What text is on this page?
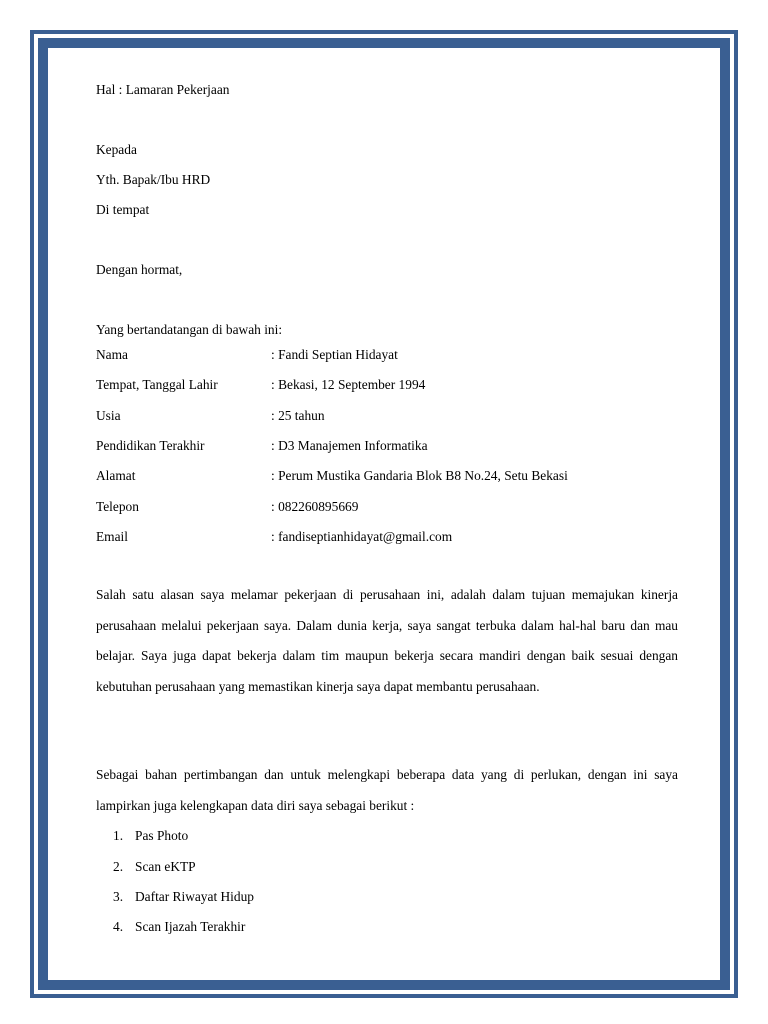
Hal : Lamaran Pekerjaan

Kepada

Yth. Bapak/Ibu HRD

Di tempat

Dengan hormat,

Yang bertandatangan di bawah ini:

Nama	: Fandi Septian Hidayat
Tempat, Tanggal Lahir	: Bekasi, 12 September 1994
Usia	: 25 tahun
Pendidikan Terakhir	: D3 Manajemen Informatika
Alamat	: Perum Mustika Gandaria Blok B8 No.24, Setu Bekasi
Telepon	: 082260895669
Email	: fandiseptianhidayat@gmail.com

Salah satu alasan saya melamar pekerjaan di perusahaan ini, adalah dalam tujuan memajukan kinerja perusahaan melalui pekerjaan saya. Dalam dunia kerja, saya sangat terbuka dalam hal-hal baru dan mau belajar. Saya juga dapat bekerja dalam tim maupun bekerja secara mandiri dengan baik sesuai dengan kebutuhan perusahaan yang memastikan kinerja saya dapat membantu perusahaan.

Sebagai bahan pertimbangan dan untuk melengkapi beberapa data yang di perlukan, dengan ini saya lampirkan juga kelengkapan data diri saya sebagai berikut :

1. Pas Photo
2. Scan eKTP
3. Daftar Riwayat Hidup
4. Scan Ijazah Terakhir
